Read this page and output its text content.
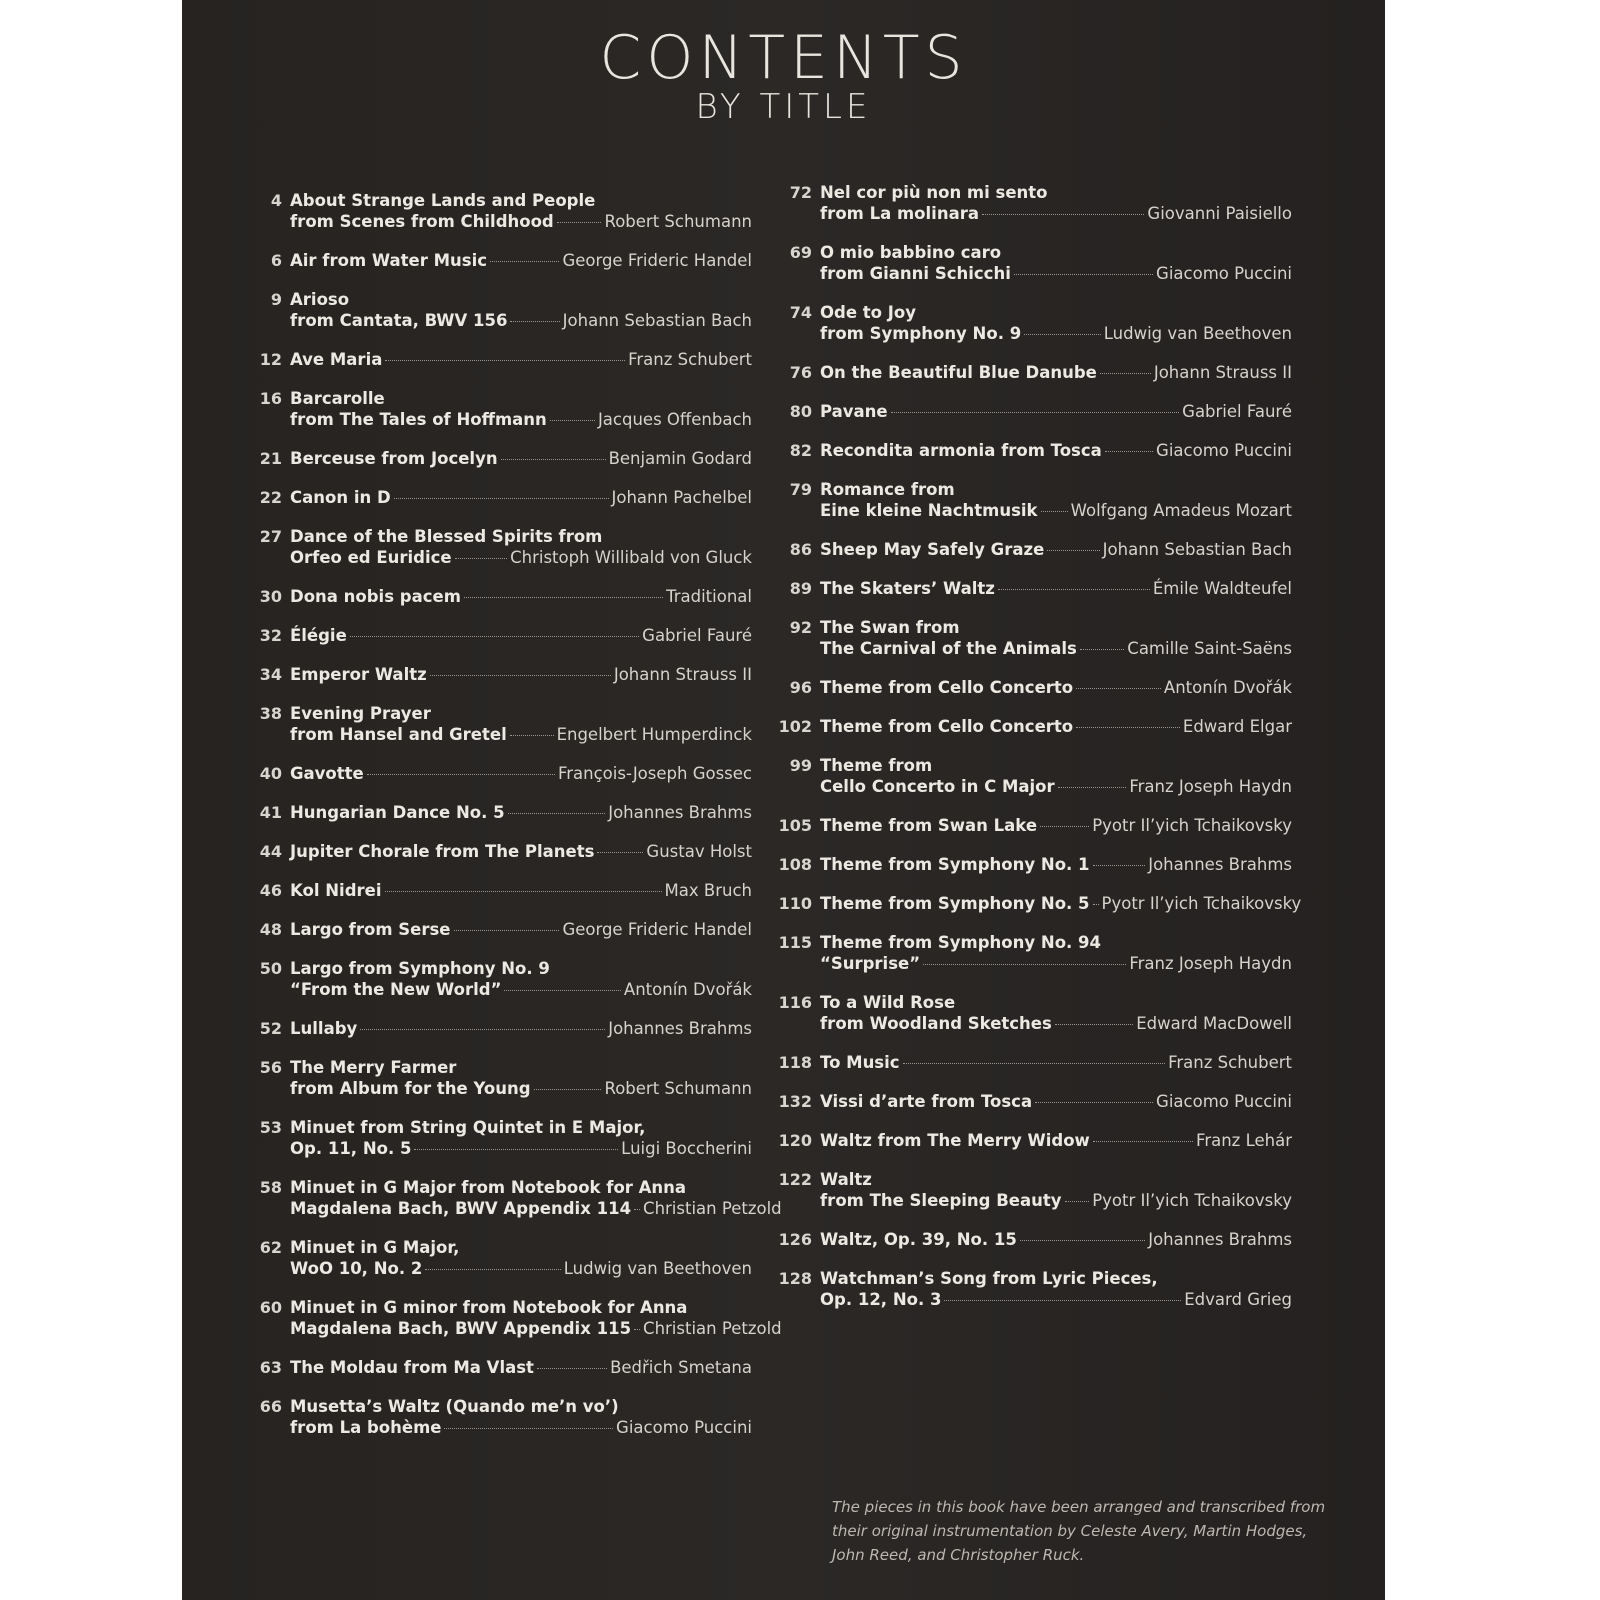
CONTENTS
BY TITLE
4 About Strange Lands and People
from Scenes from Childhood	Robert Schumann
6 Air from Water Music	George Frideric Handel
9 Arioso
from Cantata, BWV 156	Johann Sebastian Bach
12 Ave Maria	Franz Schubert
16 Barcarolle
from The Tales of Hoffmann	Jacques Offenbach
21 Berceuse from Jocelyn	Benjamin Godard
22 Canon in D	Johann Pachelbel
27 Dance of the Blessed Spirits from
Orfeo ed Euridice	Christoph Willibald von Gluck
30 Dona nobis pacem	Traditional
32 Élégie	Gabriel Fauré
34 Emperor Waltz	Johann Strauss II
38 Evening Prayer
from Hansel and Gretel	Engelbert Humperdinck
40 Gavotte	François-Joseph Gossec
41 Hungarian Dance No. 5	Johannes Brahms
44 Jupiter Chorale from The Planets	Gustav Holst
46 Kol Nidrei	Max Bruch
48 Largo from Serse	George Frideric Handel
50 Largo from Symphony No. 9
“From the New World”	Antonín Dvořák
52 Lullaby	Johannes Brahms
56 The Merry Farmer
from Album for the Young	Robert Schumann
53 Minuet from String Quintet in E Major,
Op. 11, No. 5	Luigi Boccherini
58 Minuet in G Major from Notebook for Anna
Magdalena Bach, BWV Appendix 114 Christian Petzold
62 Minuet in G Major,
WoO 10, No. 2	Ludwig van Beethoven
60 Minuet in G minor from Notebook for Anna
Magdalena Bach, BWV Appendix 115 Christian Petzold
63 The Moldau from Ma Vlast	Bedřich Smetana
66 Musetta’s Waltz (Quando me’n vo’)
from La bohème	Giacomo Puccini
72 Nel cor più non mi sento
from La molinara	Giovanni Paisiello
69 O mio babbino caro
from Gianni Schicchi	Giacomo Puccini
74 Ode to Joy
from Symphony No. 9	Ludwig van Beethoven
76 On the Beautiful Blue Danube	Johann Strauss II
80 Pavane	Gabriel Fauré
82 Recondita armonia from Tosca	Giacomo Puccini
79 Romance from
Eine kleine Nachtmusik Wolfgang Amadeus Mozart
86 Sheep May Safely Graze	Johann Sebastian Bach
89 The Skaters’ Waltz	Émile Waldteufel
92 The Swan from
The Carnival of the Animals	Camille Saint-Saëns
96 Theme from Cello Concerto	Antonín Dvořák
102 Theme from Cello Concerto	Edward Elgar
99 Theme from
Cello Concerto in C Major	Franz Joseph Haydn
105 Theme from Swan Lake	Pyotr Il’yich Tchaikovsky
108 Theme from Symphony No. 1	Johannes Brahms
110 Theme from Symphony No. 5 Pyotr Il’yich Tchaikovsky
115 Theme from Symphony No. 94
“Surprise”	Franz Joseph Haydn
116 To a Wild Rose
from Woodland Sketches	Edward MacDowell
118 To Music	Franz Schubert
132 Vissi d’arte from Tosca	Giacomo Puccini
120 Waltz from The Merry Widow	Franz Lehár
122 Waltz
from The Sleeping Beauty Pyotr Il’yich Tchaikovsky
126 Waltz, Op. 39, No. 15	Johannes Brahms
128 Watchman’s Song from Lyric Pieces,
Op. 12, No. 3	Edvard Grieg
The pieces in this book have been arranged and transcribed from their original instrumentation by Celeste Avery, Martin Hodges, John Reed, and Christopher Ruck.
